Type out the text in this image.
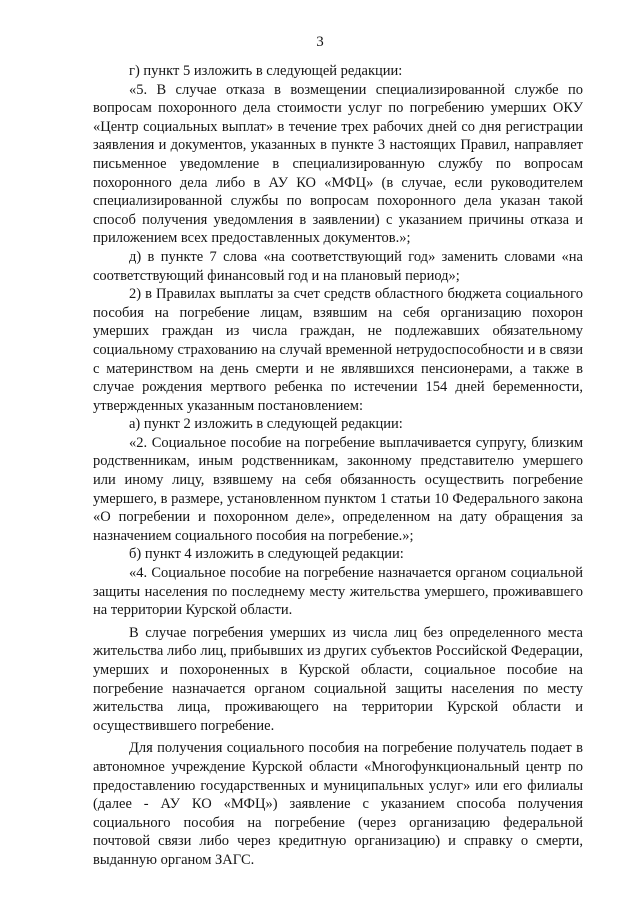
3

г) пункт 5 изложить в следующей редакции:

«5. В случае отказа в возмещении специализированной службе по вопросам похоронного дела стоимости услуг по погребению умерших ОКУ «Центр социальных выплат» в течение трех рабочих дней со дня регистрации заявления и документов, указанных в пункте 3 настоящих Правил, направляет письменное уведомление в специализированную службу по вопросам похоронного дела либо в АУ КО «МФЦ» (в случае, если руководителем специализированной службы по вопросам похоронного дела указан такой способ получения уведомления в заявлении) с указанием причины отказа и приложением всех предоставленных документов.»;

д) в пункте 7 слова «на соответствующий год» заменить словами «на соответствующий финансовый год и на плановый период»;

2) в Правилах выплаты за счет средств областного бюджета социального пособия на погребение лицам, взявшим на себя организацию похорон умерших граждан из числа граждан, не подлежавших обязательному социальному страхованию на случай временной нетрудоспособности и в связи с материнством на день смерти и не являвшихся пенсионерами, а также в случае рождения мертвого ребенка по истечении 154 дней беременности, утвержденных указанным постановлением:

а) пункт 2 изложить в следующей редакции:

«2. Социальное пособие на погребение выплачивается супругу, близким родственникам, иным родственникам, законному представителю умершего или иному лицу, взявшему на себя обязанность осуществить погребение умершего, в размере, установленном пунктом 1 статьи 10 Федерального закона «О погребении и похоронном деле», определенном на дату обращения за назначением социального пособия на погребение.»;

б) пункт 4 изложить в следующей редакции:

«4. Социальное пособие на погребение назначается органом социальной защиты населения по последнему месту жительства умершего, проживавшего на территории Курской области.

В случае погребения умерших из числа лиц без определенного места жительства либо лиц, прибывших из других субъектов Российской Федерации, умерших и похороненных в Курской области, социальное пособие на погребение назначается органом социальной защиты населения по месту жительства лица, проживающего на территории Курской области и осуществившего погребение.

Для получения социального пособия на погребение получатель подает в автономное учреждение Курской области «Многофункциональный центр по предоставлению государственных и муниципальных услуг» или его филиалы (далее - АУ КО «МФЦ») заявление с указанием способа получения социального пособия на погребение (через организацию федеральной почтовой связи либо через кредитную организацию) и справку о смерти, выданную органом ЗАГС.
